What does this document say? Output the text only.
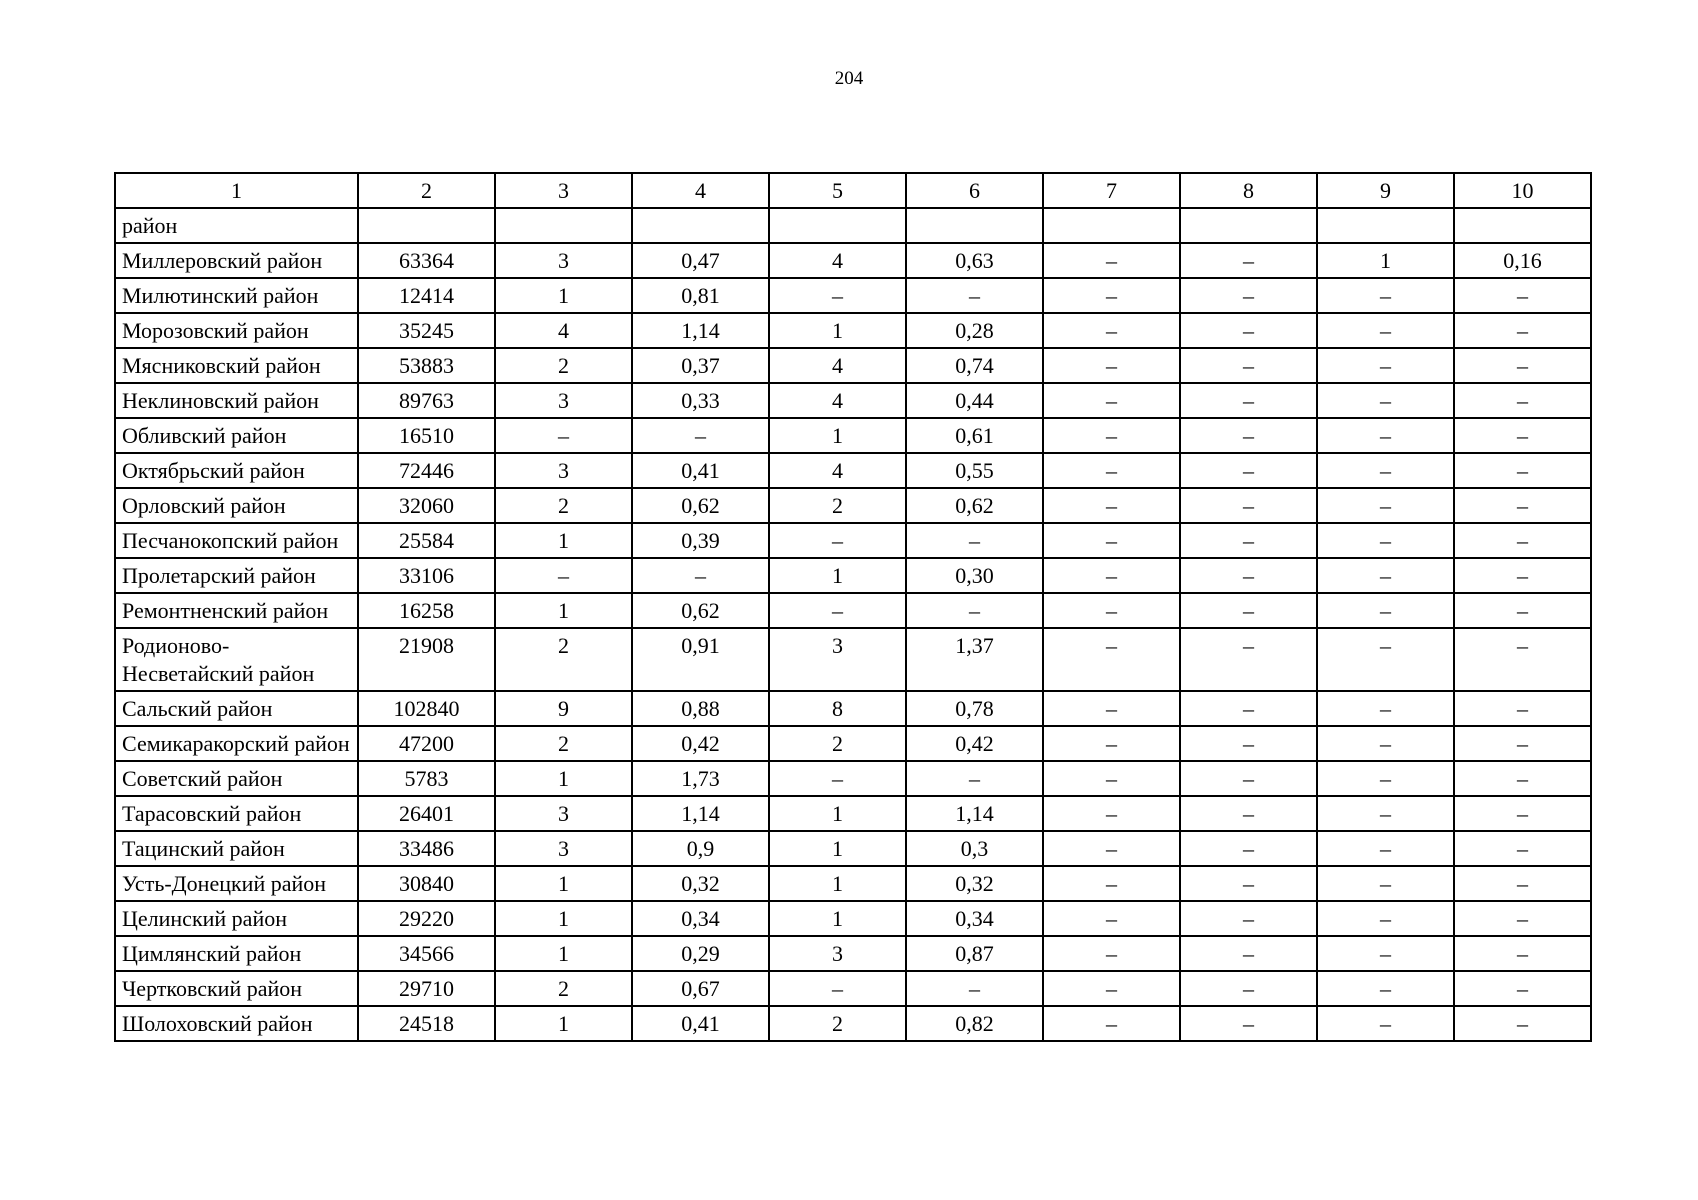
204
1	2	3	4	5	6	7	8	9	10
район									
Миллеровский район	63364	3	0,47	4	0,63	–	–	1	0,16
Милютинский район	12414	1	0,81	–	–	–	–	–	–
Морозовский район	35245	4	1,14	1	0,28	–	–	–	–
Мясниковский район	53883	2	0,37	4	0,74	–	–	–	–
Неклиновский район	89763	3	0,33	4	0,44	–	–	–	–
Обливский район	16510	–	–	1	0,61	–	–	–	–
Октябрьский район	72446	3	0,41	4	0,55	–	–	–	–
Орловский район	32060	2	0,62	2	0,62	–	–	–	–
Песчанокопский район	25584	1	0,39	–	–	–	–	–	–
Пролетарский район	33106	–	–	1	0,30	–	–	–	–
Ремонтненский район	16258	1	0,62	–	–	–	–	–	–
Родионово-Несветайский район	21908	2	0,91	3	1,37	–	–	–	–
Сальский район	102840	9	0,88	8	0,78	–	–	–	–
Семикаракорский район	47200	2	0,42	2	0,42	–	–	–	–
Советский район	5783	1	1,73	–	–	–	–	–	–
Тарасовский район	26401	3	1,14	1	1,14	–	–	–	–
Тацинский район	33486	3	0,9	1	0,3	–	–	–	–
Усть-Донецкий район	30840	1	0,32	1	0,32	–	–	–	–
Целинский район	29220	1	0,34	1	0,34	–	–	–	–
Цимлянский район	34566	1	0,29	3	0,87	–	–	–	–
Чертковский район	29710	2	0,67	–	–	–	–	–	–
Шолоховский район	24518	1	0,41	2	0,82	–	–	–	–
